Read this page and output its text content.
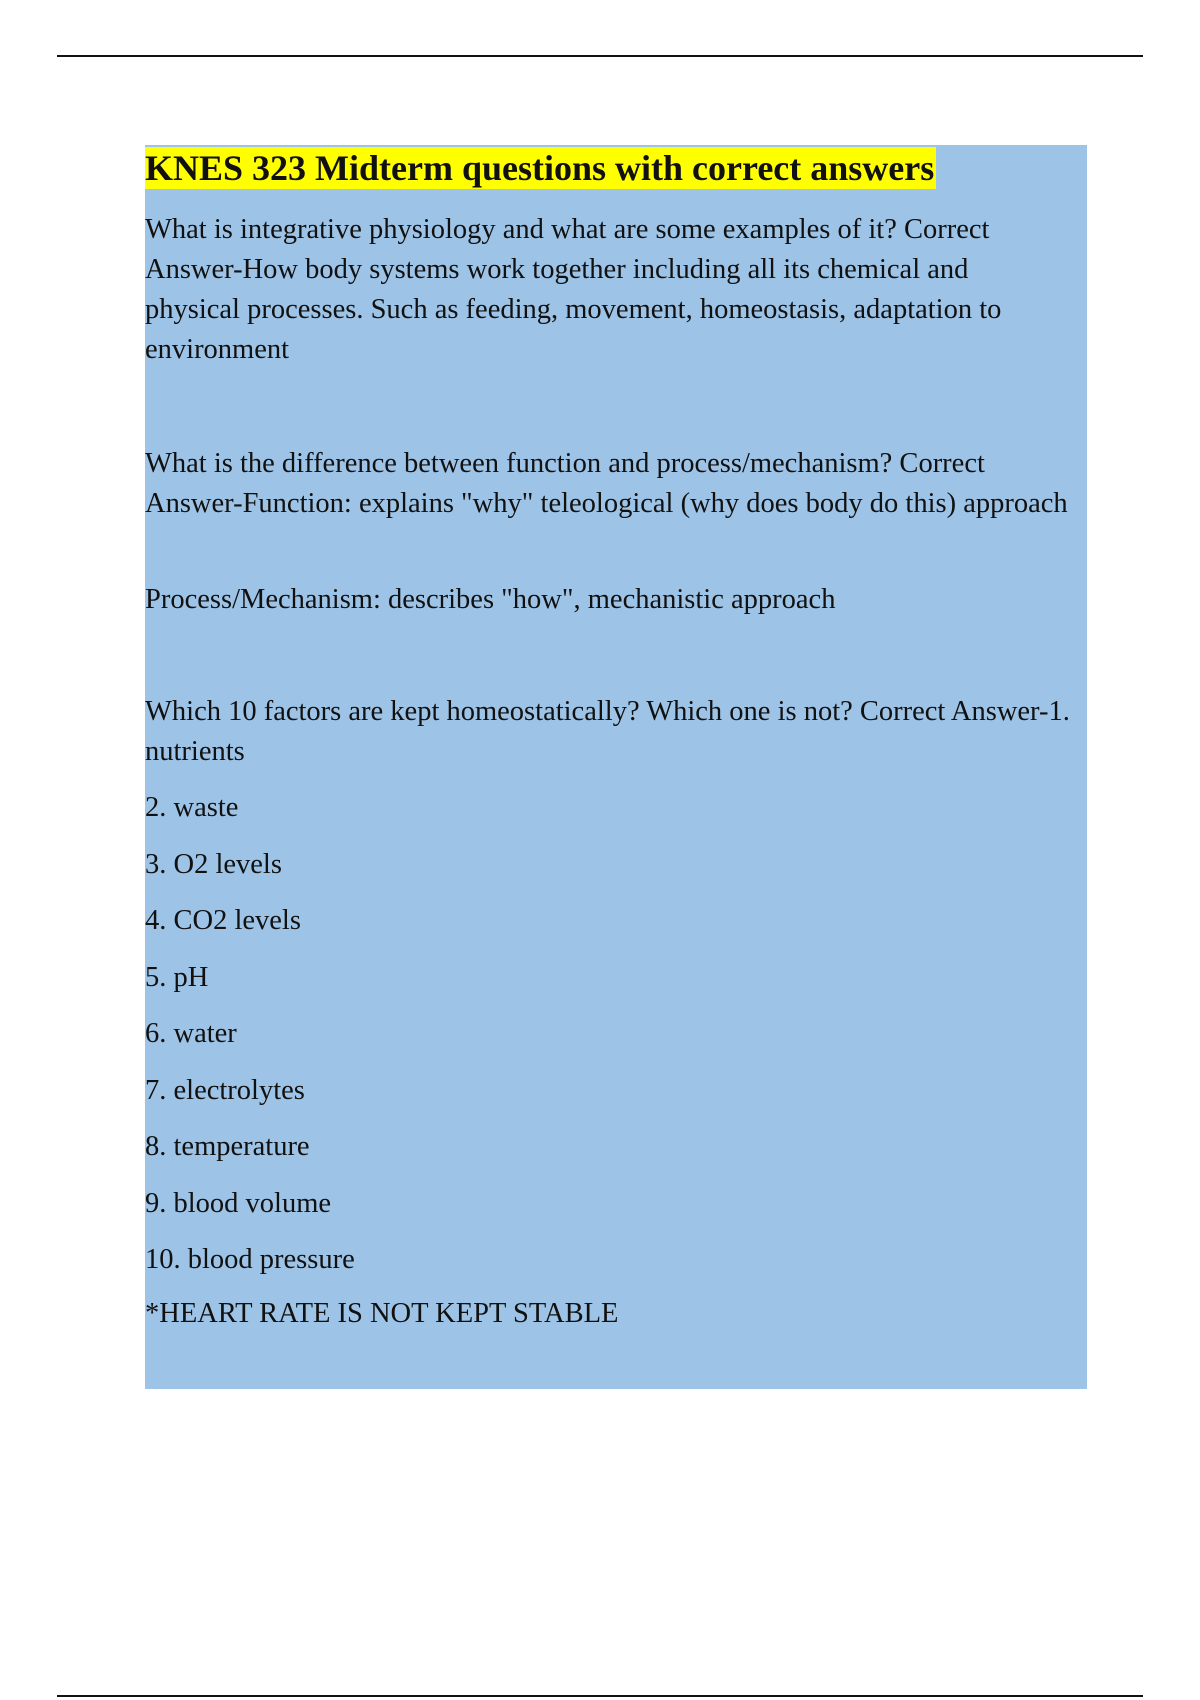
KNES 323 Midterm questions with correct answers
What is integrative physiology and what are some examples of it? Correct Answer-How body systems work together including all its chemical and physical processes. Such as feeding, movement, homeostasis, adaptation to environment
What is the difference between function and process/mechanism? Correct Answer-Function: explains "why" teleological (why does body do this) approach
Process/Mechanism: describes "how", mechanistic approach
Which 10 factors are kept homeostatically? Which one is not? Correct Answer-1. nutrients
2. waste
3. O2 levels
4. CO2 levels
5. pH
6. water
7. electrolytes
8. temperature
9. blood volume
10. blood pressure
*HEART RATE IS NOT KEPT STABLE
